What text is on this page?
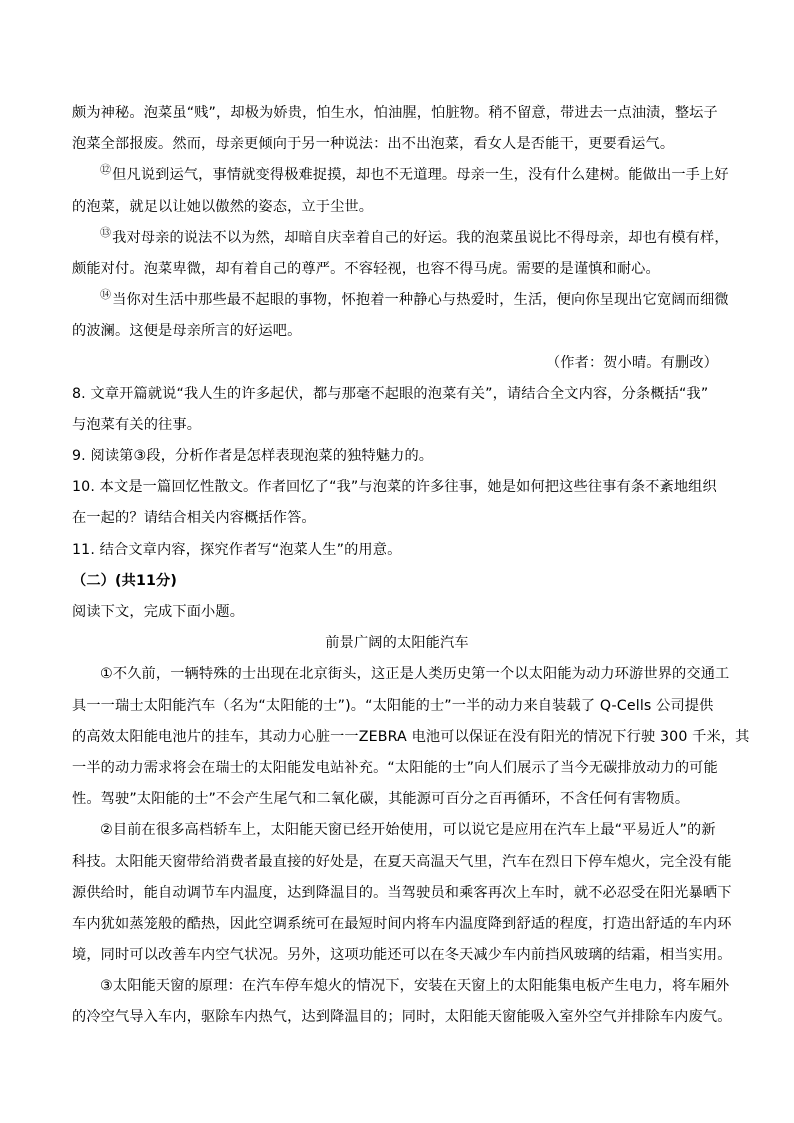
颇为神秘。泡菜虽“贱”，却极为娇贵，怕生水，怕油腥，怕脏物。稍不留意，带进去一点油渍，整坛子
泡菜全部报废。然而，母亲更倾向于另一种说法：出不出泡菜，看女人是否能干，更要看运气。
⑫但凡说到运气，事情就变得极难捉摸，却也不无道理。母亲一生，没有什么建树。能做出一手上好
的泡菜，就足以让她以傲然的姿态，立于尘世。
⑬我对母亲的说法不以为然，却暗自庆幸着自己的好运。我的泡菜虽说比不得母亲，却也有模有样，
颇能对付。泡菜卑微，却有着自己的尊严。不容轻视，也容不得马虎。需要的是谨慎和耐心。
⑭当你对生活中那些最不起眼的事物，怀抱着一种静心与热爱时，生活，便向你呈现出它宽阔而细微
的波澜。这便是母亲所言的好运吧。
（作者：贺小晴。有删改）
8. 文章开篇就说“我人生的许多起伏，都与那毫不起眼的泡菜有关”，请结合全文内容，分条概括“我”
与泡菜有关的往事。
9. 阅读第③段，分析作者是怎样表现泡菜的独特魅力的。
10. 本文是一篇回忆性散文。作者回忆了“我”与泡菜的许多往事，她是如何把这些往事有条不紊地组织
在一起的？请结合相关内容概括作答。
11. 结合文章内容，探究作者写“泡菜人生”的用意。
（二）(共11分)
阅读下文，完成下面小题。
前景广阔的太阳能汽车
①不久前，一辆特殊的士出现在北京街头，这正是人类历史第一个以太阳能为动力环游世界的交通工
具一一瑞士太阳能汽车（名为“太阳能的士”)。“太阳能的士”一半的动力来自装载了 Q-Cells 公司提供
的高效太阳能电池片的挂车，其动力心脏一一ZEBRA 电池可以保证在没有阳光的情况下行驶 300 千米，其
一半的动力需求将会在瑞士的太阳能发电站补充。“太阳能的士”向人们展示了当今无碳排放动力的可能
性。驾驶”太阳能的士”不会产生尾气和二氧化碳，其能源可百分之百再循环，不含任何有害物质。
②目前在很多高档轿车上，太阳能天窗已经开始使用，可以说它是应用在汽车上最“平易近人”的新
科技。太阳能天窗带给消费者最直接的好处是，在夏天高温天气里，汽车在烈日下停车熄火，完全没有能
源供给时，能自动调节车内温度，达到降温目的。当驾驶员和乘客再次上车时，就不必忍受在阳光暴晒下
车内犹如蒸笼般的酷热，因此空调系统可在最短时间内将车内温度降到舒适的程度，打造出舒适的车内环
境，同时可以改善车内空气状况。另外，这项功能还可以在冬天减少车内前挡风玻璃的结霜，相当实用。
③太阳能天窗的原理：在汽车停车熄火的情况下，安装在天窗上的太阳能集电板产生电力，将车厢外
的冷空气导入车内，驱除车内热气，达到降温目的；同时，太阳能天窗能吸入室外空气并排除车内废气。
